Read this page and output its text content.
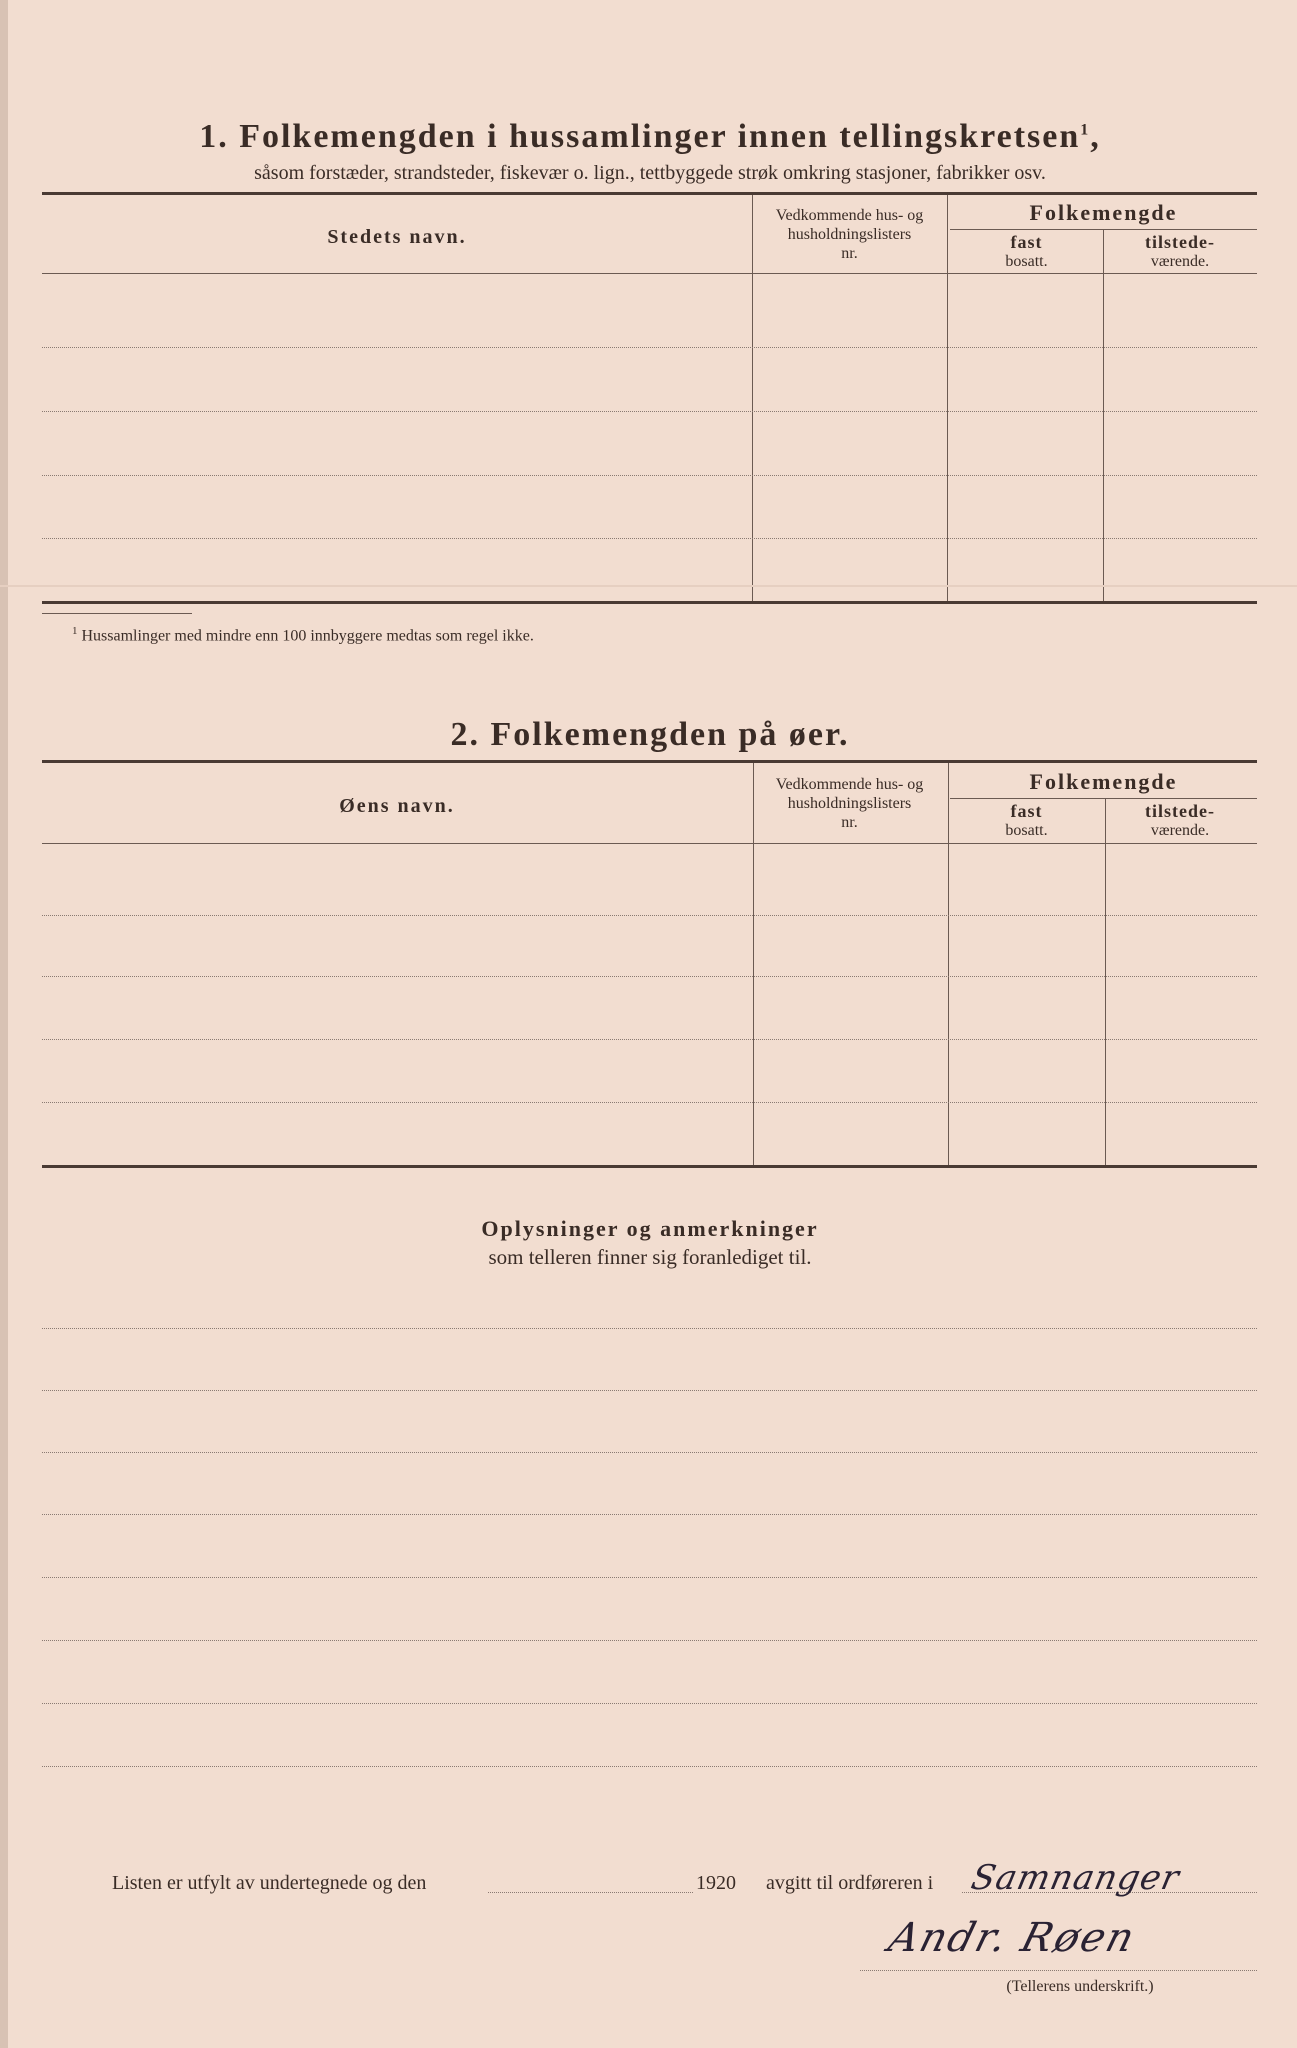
1. Folkemengden i hussamlinger innen tellingskretsen$^1$,
såsom forstæder, strandsteder, fiskevær o. lign., tettbyggede strøk omkring stasjoner, fabrikker osv.
Stedets navn.
Vedkommende hus- og
husholdningslisters
nr.
Folkemengde
fast
bosatt.
tilstede-
værende.
$^1$ Hussamlinger med mindre enn 100 innbyggere medtas som regel ikke.
2. Folkemengden på øer.
Øens navn.
Vedkommende hus- og
husholdningslisters
nr.
Folkemengde
fast
bosatt.
tilstede-
værende.
Oplysninger og anmerkninger
som telleren finner sig foranlediget til.
Listen er utfylt av undertegnede og den	1920	avgitt til ordføreren i	Samnanger
Andr. Røen
(Tellerens underskrift.)
